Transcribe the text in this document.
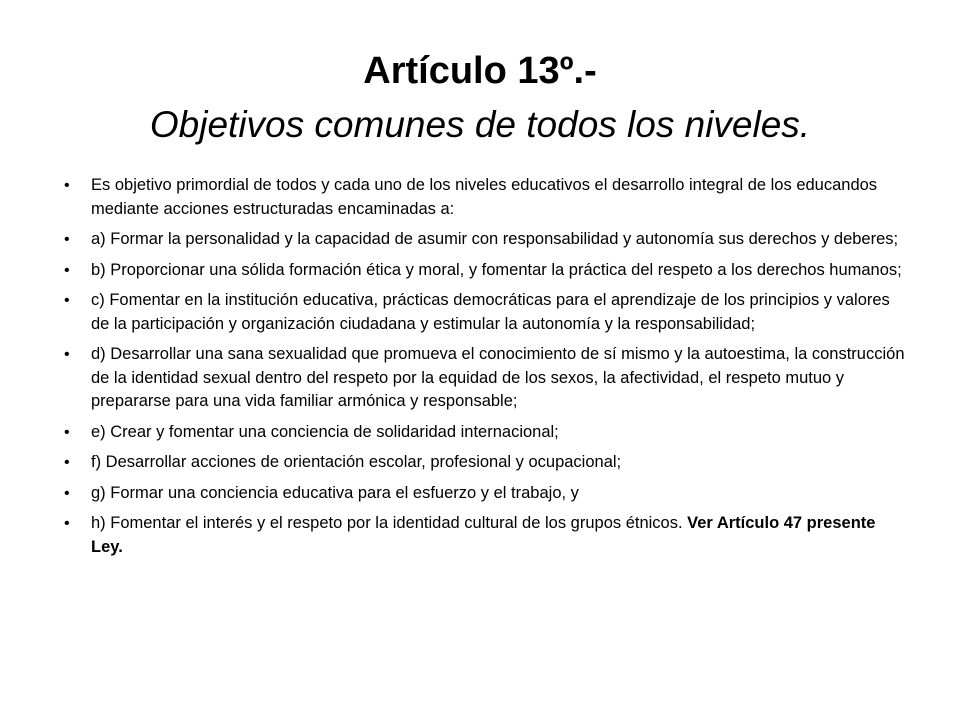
Artículo 13º.-
Objetivos comunes de todos los niveles.
• Es objetivo primordial de todos y cada uno de los niveles educativos el desarrollo integral de los educandos mediante acciones estructuradas encaminadas a:
• a) Formar la personalidad y la capacidad de asumir con responsabilidad y autonomía sus derechos y deberes;
• b) Proporcionar una sólida formación ética y moral, y fomentar la práctica del respeto a los derechos humanos;
• c) Fomentar en la institución educativa, prácticas democráticas para el aprendizaje de los principios y valores de la participación y organización ciudadana y estimular la autonomía y la responsabilidad;
• d) Desarrollar una sana sexualidad que promueva el conocimiento de sí mismo y la autoestima, la construcción de la identidad sexual dentro del respeto por la equidad de los sexos, la afectividad, el respeto mutuo y prepararse para una vida familiar armónica y responsable;
• e) Crear y fomentar una conciencia de solidaridad internacional;
• f) Desarrollar acciones de orientación escolar, profesional y ocupacional;
• g) Formar una conciencia educativa para el esfuerzo y el trabajo, y
• h) Fomentar el interés y el respeto por la identidad cultural de los grupos étnicos. Ver Artículo 47 presente Ley.
